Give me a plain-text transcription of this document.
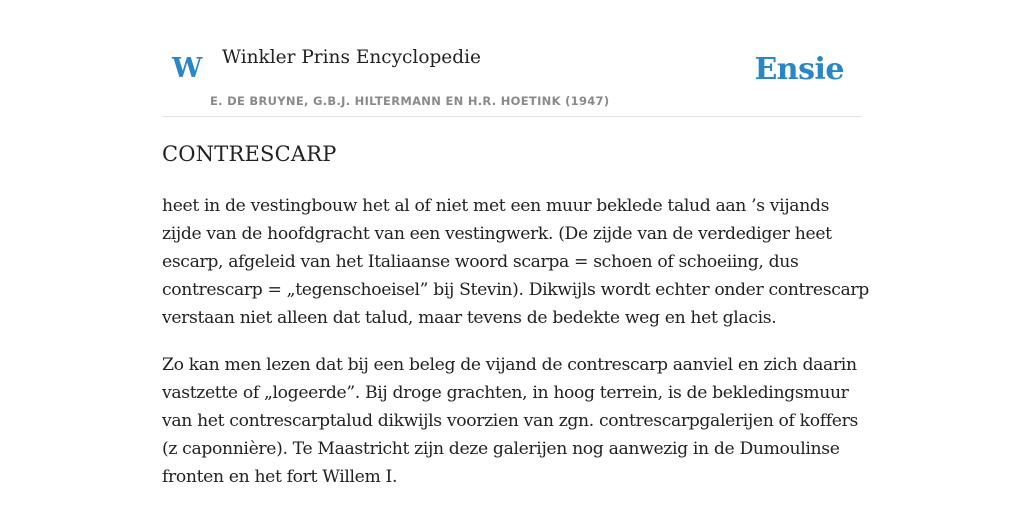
W Winkler Prins Encyclopedie
E. DE BRUYNE, G.B.J. HILTERMANN EN H.R. HOETINK (1947)
Ensie
CONTRESCARP

heet in de vestingbouw het al of niet met een muur beklede talud aan ’s vijands
zijde van de hoofdgracht van een vestingwerk. (De zijde van de verdediger heet
escarp, afgeleid van het Italiaanse woord scarpa = schoen of schoeiing, dus
contrescarp = „tegenschoeisel” bij Stevin). Dikwijls wordt echter onder contrescarp
verstaan niet alleen dat talud, maar tevens de bedekte weg en het glacis.

Zo kan men lezen dat bij een beleg de vijand de contrescarp aanviel en zich daarin
vastzette of „logeerde”. Bij droge grachten, in hoog terrein, is de bekledingsmuur
van het contrescarptalud dikwijls voorzien van zgn. contrescarpgalerijen of koffers
(z caponnière). Te Maastricht zijn deze galerijen nog aanwezig in de Dumoulinse
fronten en het fort Willem I.
